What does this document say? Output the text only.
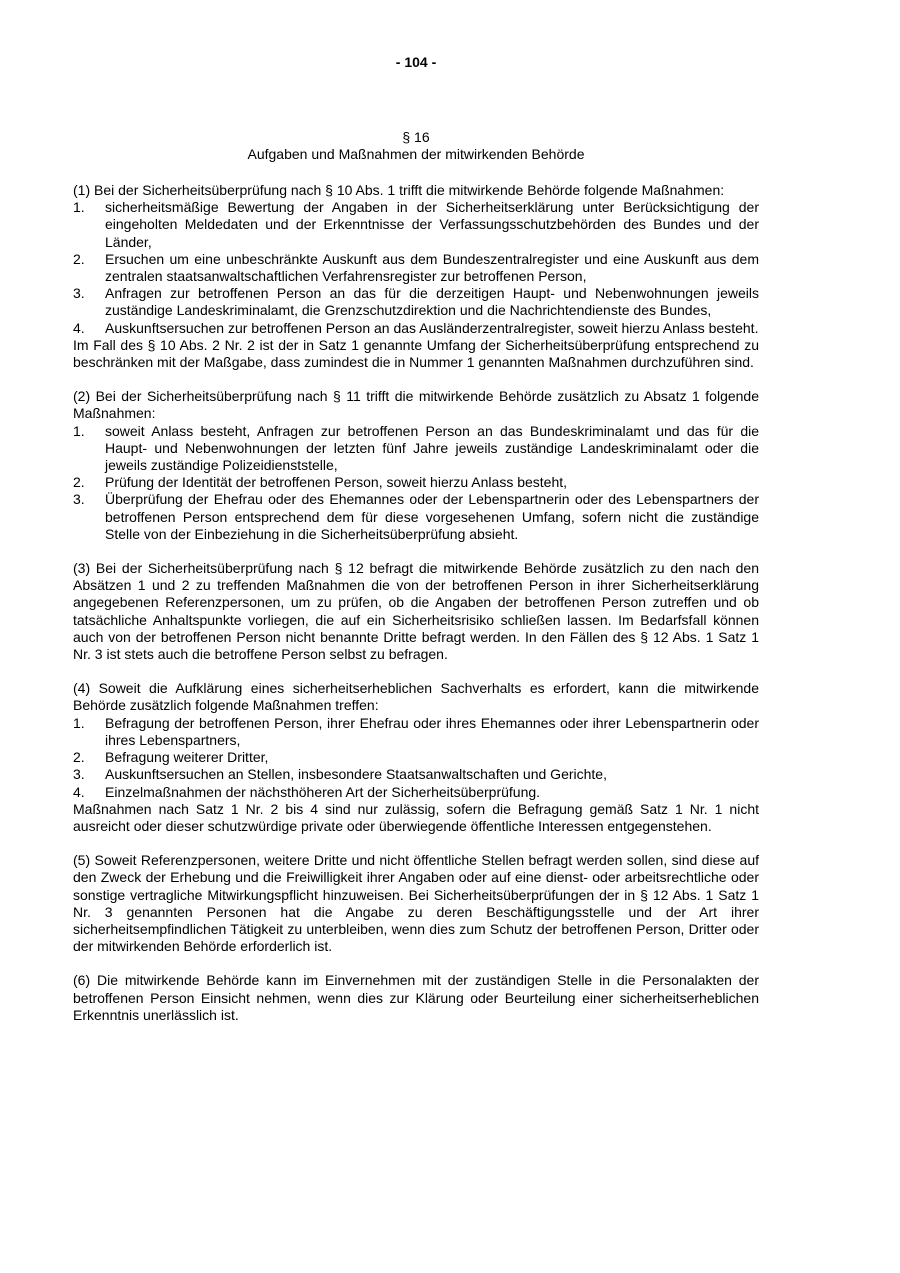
- 104 -
§ 16
Aufgaben und Maßnahmen der mitwirkenden Behörde

(1) Bei der Sicherheitsüberprüfung nach § 10 Abs. 1 trifft die mitwirkende Behörde folgende Maßnahmen:

1. sicherheitsmäßige Bewertung der Angaben in der Sicherheitserklärung unter Berücksichtigung der eingeholten Meldedaten und der Erkenntnisse der Verfassungsschutzbehörden des Bundes und der Länder,
2. Ersuchen um eine unbeschränkte Auskunft aus dem Bundeszentralregister und eine Auskunft aus dem zentralen staatsanwaltschaftlichen Verfahrensregister zur betroffenen Person,
3. Anfragen zur betroffenen Person an das für die derzeitigen Haupt- und Nebenwohnungen jeweils zuständige Landeskriminalamt, die Grenzschutzdirektion und die Nachrichtendienste des Bundes,
4. Auskunftsersuchen zur betroffenen Person an das Ausländerzentralregister, soweit hierzu Anlass besteht.

Im Fall des § 10 Abs. 2 Nr. 2 ist der in Satz 1 genannte Umfang der Sicherheitsüberprüfung entsprechend zu beschränken mit der Maßgabe, dass zumindest die in Nummer 1 genannten Maßnahmen durchzuführen sind.

(2) Bei der Sicherheitsüberprüfung nach § 11 trifft die mitwirkende Behörde zusätzlich zu Absatz 1 folgende Maßnahmen:

1. soweit Anlass besteht, Anfragen zur betroffenen Person an das Bundeskriminalamt und das für die Haupt- und Nebenwohnungen der letzten fünf Jahre jeweils zuständige Landeskriminalamt oder die jeweils zuständige Polizeidienststelle,
2. Prüfung der Identität der betroffenen Person, soweit hierzu Anlass besteht,
3. Überprüfung der Ehefrau oder des Ehemannes oder der Lebenspartnerin oder des Lebenspartners der betroffenen Person entsprechend dem für diese vorgesehenen Umfang, sofern nicht die zuständige Stelle von der Einbeziehung in die Sicherheitsüberprüfung absieht.

(3) Bei der Sicherheitsüberprüfung nach § 12 befragt die mitwirkende Behörde zusätzlich zu den nach den Absätzen 1 und 2 zu treffenden Maßnahmen die von der betroffenen Person in ihrer Sicherheitserklärung angegebenen Referenzpersonen, um zu prüfen, ob die Angaben der betroffenen Person zutreffen und ob tatsächliche Anhaltspunkte vorliegen, die auf ein Sicherheitsrisiko schließen lassen. Im Bedarfsfall können auch von der betroffenen Person nicht benannte Dritte befragt werden. In den Fällen des § 12 Abs. 1 Satz 1 Nr. 3 ist stets auch die betroffene Person selbst zu befragen.

(4) Soweit die Aufklärung eines sicherheitserheblichen Sachverhalts es erfordert, kann die mitwirkende Behörde zusätzlich folgende Maßnahmen treffen:

1. Befragung der betroffenen Person, ihrer Ehefrau oder ihres Ehemannes oder ihrer Lebenspartnerin oder ihres Lebenspartners,
2. Befragung weiterer Dritter,
3. Auskunftsersuchen an Stellen, insbesondere Staatsanwaltschaften und Gerichte,
4. Einzelmaßnahmen der nächsthöheren Art der Sicherheitsüberprüfung.

Maßnahmen nach Satz 1 Nr. 2 bis 4 sind nur zulässig, sofern die Befragung gemäß Satz 1 Nr. 1 nicht ausreicht oder dieser schutzwürdige private oder überwiegende öffentliche Interessen entgegenstehen.

(5) Soweit Referenzpersonen, weitere Dritte und nicht öffentliche Stellen befragt werden sollen, sind diese auf den Zweck der Erhebung und die Freiwilligkeit ihrer Angaben oder auf eine dienst- oder arbeitsrechtliche oder sonstige vertragliche Mitwirkungspflicht hinzuweisen. Bei Sicherheitsüberprüfungen der in § 12 Abs. 1 Satz 1 Nr. 3 genannten Personen hat die Angabe zu deren Beschäftigungsstelle und der Art ihrer sicherheitsempfindlichen Tätigkeit zu unterbleiben, wenn dies zum Schutz der betroffenen Person, Dritter oder der mitwirkenden Behörde erforderlich ist.

(6) Die mitwirkende Behörde kann im Einvernehmen mit der zuständigen Stelle in die Personalakten der betroffenen Person Einsicht nehmen, wenn dies zur Klärung oder Beurteilung einer sicherheitserheblichen Erkenntnis unerlässlich ist.
